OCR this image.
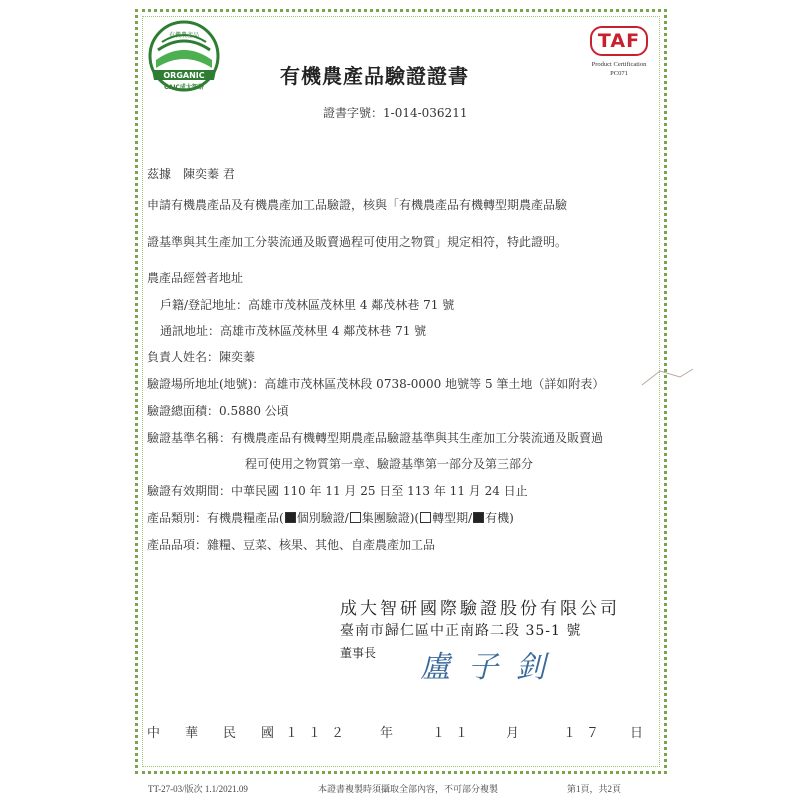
ORGANIC
有機農產品
CAIC成大智研	有機農產品驗證證書
TAF
Product Certification
PC071
證書字號：1-014-036211
茲據　陳奕蓁 君
申請有機農產品及有機農產加工品驗證，核與「有機農產品有機轉型期農產品驗
證基準與其生產加工分裝流通及販賣過程可使用之物質」規定相符，特此證明。
農產品經營者地址
戶籍/登記地址：高雄市茂林區茂林里 4 鄰茂林巷 71 號
通訊地址：高雄市茂林區茂林里 4 鄰茂林巷 71 號
負責人姓名：陳奕蓁
驗證場所地址(地號)：高雄市茂林區茂林段 0738-0000 地號等 5 筆土地（詳如附表）
驗證總面積：0.5880 公頃
驗證基準名稱：有機農產品有機轉型期農產品驗證基準與其生產加工分裝流通及販賣過
程可使用之物質第一章、驗證基準第一部分及第三部分
驗證有效期間：中華民國 110 年 11 月 25 日至 113 年 11 月 24 日止
產品類別：有機農糧產品( 個別驗證/ 集團驗證)( 轉型期/ 有機)
產品品項：雜糧、豆菜、核果、其他、自產農產加工品
成大智研國際驗證股份有限公司
臺南市歸仁區中正南路二段 35-1 號
董事長 盧子釗
中　華　民　國 １１２ 年	１１ 月	１７ 日
TT-27-03/版次 1.1/2021.09	本證書複製時須攝取全部內容，不可部分複製	第1頁，共2頁
